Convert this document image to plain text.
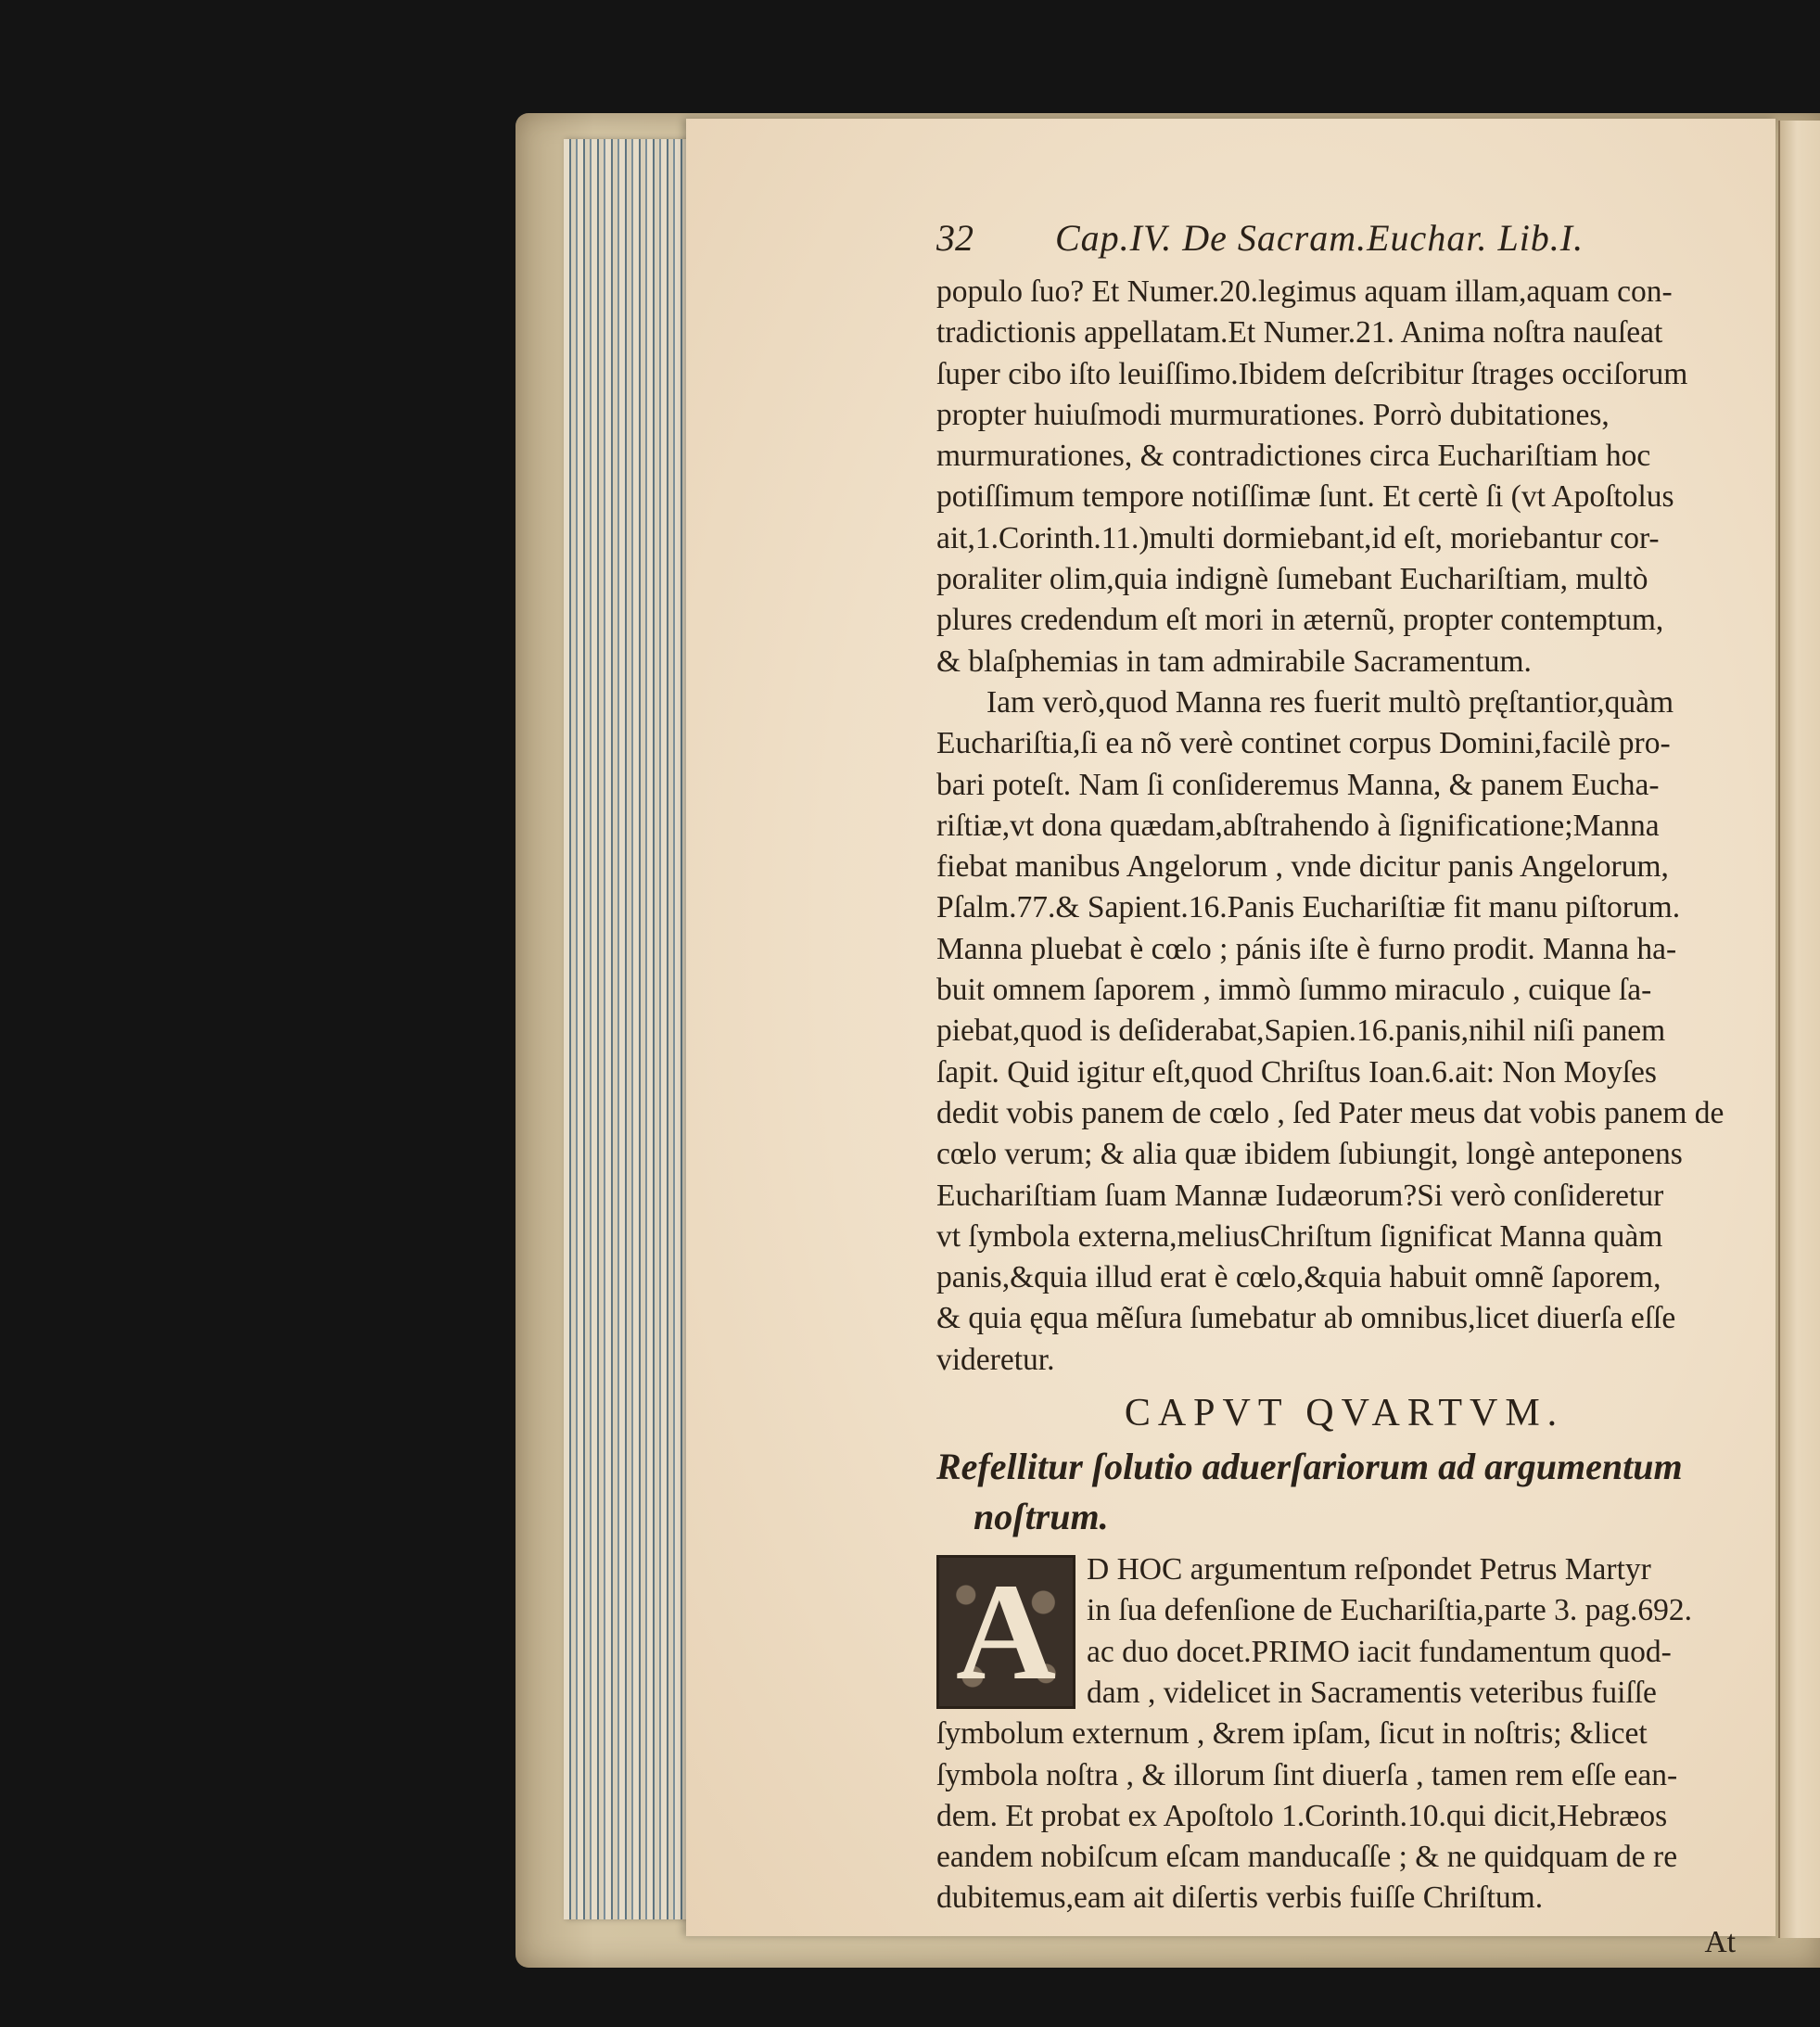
32 Cap.IV. De Sacram.Euchar. Lib.I.
populo ſuo? Et Numer.20.legimus aquam illam,aquam con-
tradictionis appellatam.Et Numer.21. Anima noſtra nauſeat
ſuper cibo iſto leuiſſimo.Ibidem deſcribitur ſtrages occiſorum
propter huiuſmodi murmurationes. Porrò dubitationes,
murmurationes, & contradictiones circa Euchariſtiam hoc
potiſſimum tempore notiſſimæ ſunt. Et certè ſi (vt Apoſtolus
ait,1.Corinth.11.)multi dormiebant,id eſt, moriebantur cor-
poraliter olim,quia indignè ſumebant Euchariſtiam, multò
plures credendum eſt mori in æternũ, propter contemptum,
& blaſphemias in tam admirabile Sacramentum.
Iam verò,quod Manna res fuerit multò pręſtantior,quàm
Euchariſtia,ſi ea nõ verè continet corpus Domini,facilè pro-
bari poteſt. Nam ſi conſideremus Manna, & panem Eucha-
riſtiæ,vt dona quædam,abſtrahendo à ſignificatione;Manna
fiebat manibus Angelorum , vnde dicitur panis Angelorum,
Pſalm.77.& Sapient.16.Panis Euchariſtiæ fit manu piſtorum.
Manna pluebat è cœlo ; pánis iſte è furno prodit. Manna ha-
buit omnem ſaporem , immò ſummo miraculo , cuique ſa-
piebat,quod is deſiderabat,Sapien.16.panis,nihil niſi panem
ſapit. Quid igitur eſt,quod Chriſtus Ioan.6.ait: Non Moyſes
dedit vobis panem de cœlo , ſed Pater meus dat vobis panem de
cœlo verum; & alia quæ ibidem ſubiungit, longè anteponens
Euchariſtiam ſuam Mannæ Iudæorum?Si verò conſideretur
vt ſymbola externa,meliusChriſtum ſignificat Manna quàm
panis,&quia illud erat è cœlo,&quia habuit omnẽ ſaporem,
& quia ęqua mẽſura ſumebatur ab omnibus,licet diuerſa eſſe
videretur.
CAPVT QVARTVM.
Refellitur ſolutio aduerſariorum ad argumentum
noſtrum.
A D HOC argumentum reſpondet Petrus Martyr
in ſua defenſione de Euchariſtia,parte 3. pag.692.
ac duo docet.PRIMO iacit fundamentum quod-
dam , videlicet in Sacramentis veteribus fuiſſe
ſymbolum externum , &rem ipſam, ſicut in noſtris; &licet
ſymbola noſtra , & illorum ſint diuerſa , tamen rem eſſe ean-
dem. Et probat ex Apoſtolo 1.Corinth.10.qui dicit,Hebræos
eandem nobiſcum eſcam manducaſſe ; & ne quidquam de re
dubitemus,eam ait diſertis verbis fuiſſe Chriſtum.
At
